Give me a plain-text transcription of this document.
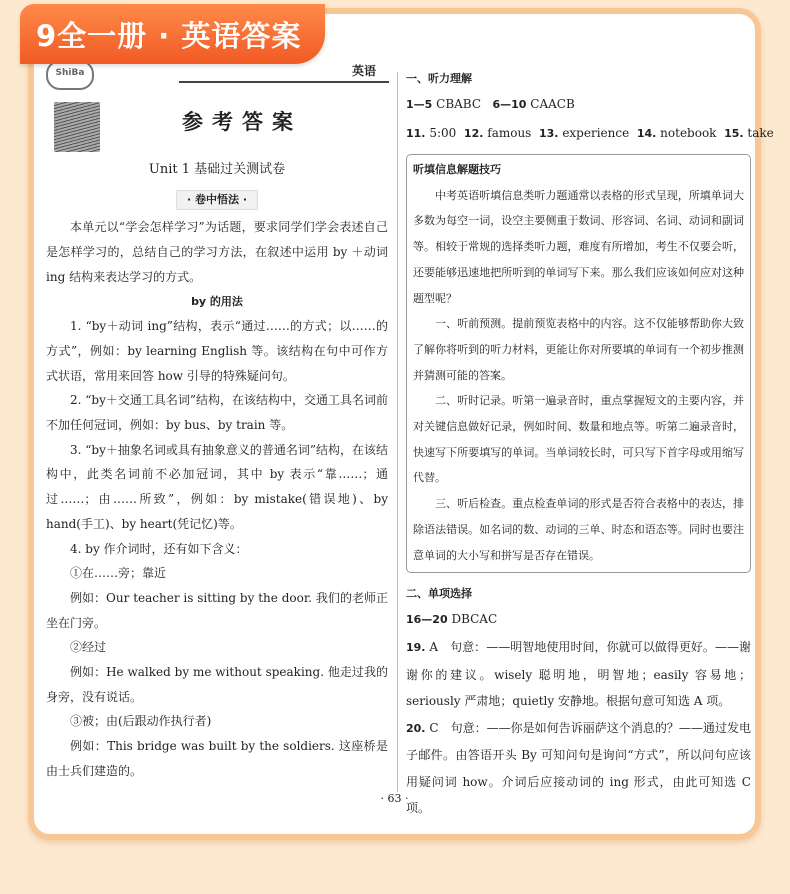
ShiBa	英语
参考答案
Unit 1 基础过关测试卷
· 卷中悟法 ·

本单元以“学会怎样学习”为话题，要求同学们学会表述自己是怎样学习的，总结自己的学习方法，在叙述中运用 by ＋动词 ing 结构来表达学习的方式。

by 的用法

1. “by＋动词 ing”结构，表示“通过……的方式；以……的方式”，例如：by learning English 等。该结构在句中可作方式状语，常用来回答 how 引导的特殊疑问句。

2. “by＋交通工具名词”结构，在该结构中，交通工具名词前不加任何冠词，例如：by bus、by train 等。

3. “by＋抽象名词或具有抽象意义的普通名词”结构，在该结构中，此类名词前不必加冠词，其中 by 表示“靠……；通过……；由……所致”，例如：by mistake(错误地)、by hand(手工)、by heart(凭记忆)等。

4. by 作介词时，还有如下含义：

①在……旁；靠近

例如：Our teacher is sitting by the door. 我们的老师正坐在门旁。

②经过

例如：He walked by me without speaking. 他走过我的身旁，没有说话。

③被；由(后跟动作执行者)

例如：This bridge was built by the soldiers. 这座桥是由士兵们建造的。

一、听力理解

1—5 CBABC 6—10 CAACB

11. 5:00 12. famous 13. experience 14. notebook 15. take

听填信息解题技巧

中考英语听填信息类听力题通常以表格的形式呈现，所填单词大多数为每空一词，设空主要侧重于数词、形容词、名词、动词和副词等。相较于常规的选择类听力题，难度有所增加，考生不仅要会听，还要能够迅速地把所听到的单词写下来。那么我们应该如何应对这种题型呢？

一、听前预测。提前预览表格中的内容。这不仅能够帮助你大致了解你将听到的听力材料，更能让你对所要填的单词有一个初步推测并猜测可能的答案。

二、听时记录。听第一遍录音时，重点掌握短文的主要内容，并对关键信息做好记录，例如时间、数量和地点等。听第二遍录音时，快速写下所要填写的单词。当单词较长时，可只写下首字母或用缩写代替。

三、听后检查。重点检查单词的形式是否符合表格中的表达，排除语法错误。如名词的数、动词的三单、时态和语态等。同时也要注意单词的大小写和拼写是否存在错误。

二、单项选择

16—20 DBCAC

19. A　句意：——明智地使用时间，你就可以做得更好。——谢谢你的建议。wisely 聪明地，明智地；easily 容易地；seriously 严肃地；quietly 安静地。根据句意可知选 A 项。

20. C　句意：——你是如何告诉丽萨这个消息的？——通过发电子邮件。由答语开头 By 可知问句是询问“方式”，所以问句应该用疑问词 how。介词后应接动词的 ing 形式，由此可知选 C 项。

· 63 ·
9全一册 · 英语答案
